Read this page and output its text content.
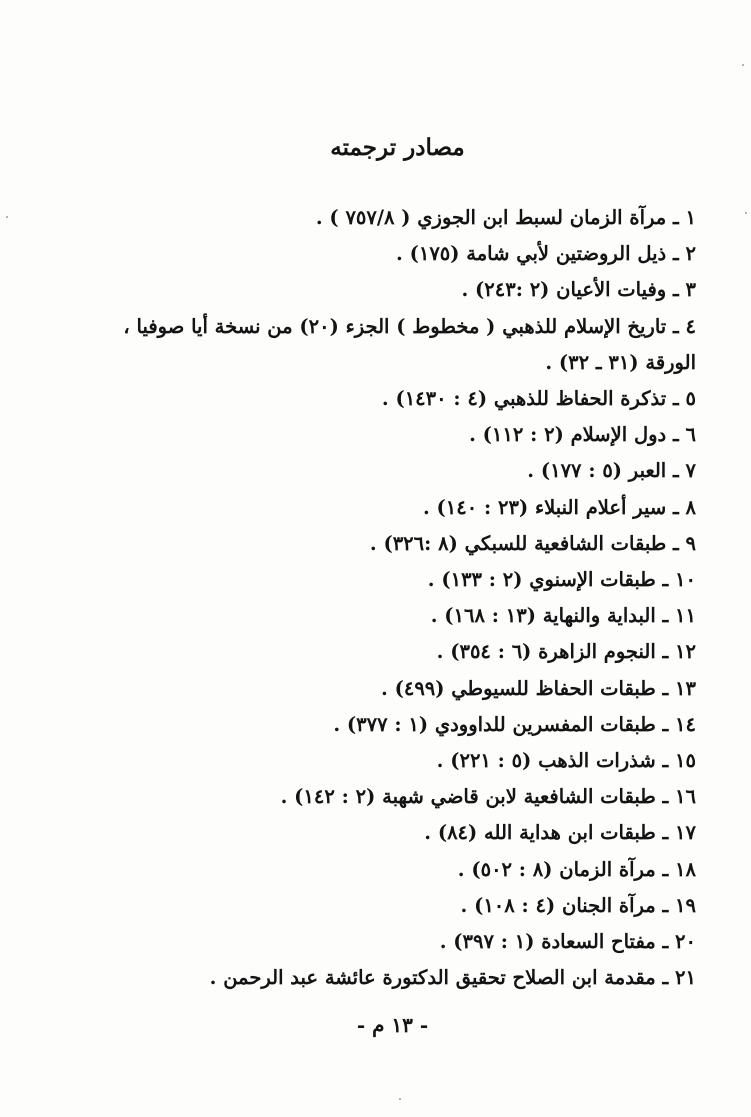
مصادر ترجمته
١ ـ مرآة الزمان لسبط ابن الجوزي ( ٧٥٧/٨ ) .
٢ ـ ذيل الروضتين لأبي شامة (١٧٥) .
٣ ـ وفيات الأعيان (٢ :٢٤٣) .
٤ ـ تاريخ الإسلام للذهبي ( مخطوط ) الجزء (٢٠) من نسخة أيا صوفيا ،
الورقة (٣١ ـ ٣٢) .
٥ ـ تذكرة الحفاظ للذهبي (٤ : ١٤٣٠) .
٦ ـ دول الإسلام (٢ : ١١٢) .
٧ ـ العبر (٥ : ١٧٧) .
٨ ـ سير أعلام النبلاء (٢٣ : ١٤٠) .
٩ ـ طبقات الشافعية للسبكي (٨ :٣٢٦) .
١٠ ـ طبقات الإسنوي (٢ : ١٣٣) .
١١ ـ البداية والنهاية (١٣ : ١٦٨) .
١٢ ـ النجوم الزاهرة (٦ : ٣٥٤) .
١٣ ـ طبقات الحفاظ للسيوطي (٤٩٩) .
١٤ ـ طبقات المفسرين للداوودي (١ : ٣٧٧) .
١٥ ـ شذرات الذهب (٥ : ٢٢١) .
١٦ ـ طبقات الشافعية لابن قاضي شهبة (٢ : ١٤٢) .
١٧ ـ طبقات ابن هداية الله (٨٤) .
١٨ ـ مرآة الزمان (٨ : ٥٠٢) .
١٩ ـ مرآة الجنان (٤ : ١٠٨) .
٢٠ ـ مفتاح السعادة (١ : ٣٩٧) .
٢١ ـ مقدمة ابن الصلاح تحقيق الدكتورة عائشة عبد الرحمن .
- ١٣ م -
